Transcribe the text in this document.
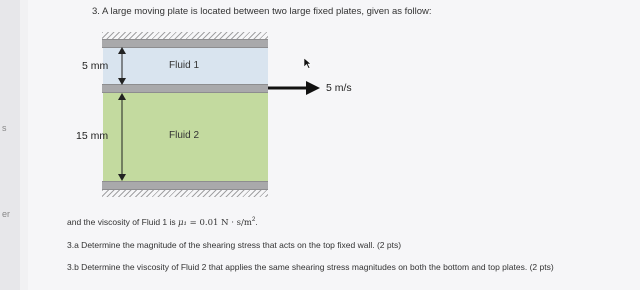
s
er
3. A large moving plate is located between two large fixed plates, given as follow:
Fluid 1
Fluid 2
5 mm
15 mm
5 m/s
and the viscosity of Fluid 1 is μ₁ = 0.01 $N \cdot s/m^2$.
3.a Determine the magnitude of the shearing stress that acts on the top fixed wall. (2 pts)
3.b Determine the viscosity of Fluid 2 that applies the same shearing stress magnitudes on both the bottom and top plates. (2 pts)
